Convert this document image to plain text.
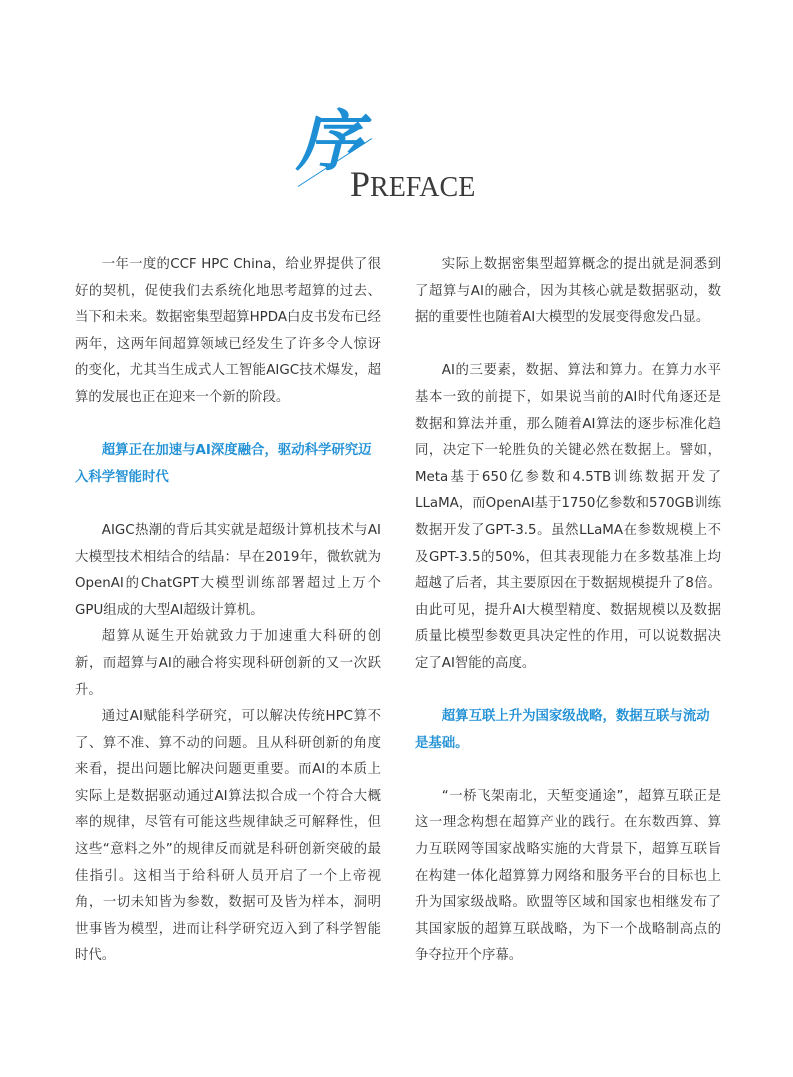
序
PREFACE

一年一度的CCF HPC China，给业界提供了很好的契机，促使我们去系统化地思考超算的过去、当下和未来。数据密集型超算HPDA白皮书发布已经两年，这两年间超算领域已经发生了许多令人惊讶的变化，尤其当生成式人工智能AIGC技术爆发，超算的发展也正在迎来一个新的阶段。

超算正在加速与AI深度融合，驱动科学研究迈入科学智能时代

AIGC热潮的背后其实就是超级计算机技术与AI大模型技术相结合的结晶：早在2019年，微软就为OpenAI的ChatGPT大模型训练部署超过上万个GPU组成的大型AI超级计算机。

超算从诞生开始就致力于加速重大科研的创新，而超算与AI的融合将实现科研创新的又一次跃升。

通过AI赋能科学研究，可以解决传统HPC算不了、算不准、算不动的问题。且从科研创新的角度来看，提出问题比解决问题更重要。而AI的本质上实际上是数据驱动通过AI算法拟合成一个符合大概率的规律，尽管有可能这些规律缺乏可解释性，但这些“意料之外”的规律反而就是科研创新突破的最佳指引。这相当于给科研人员开启了一个上帝视角，一切未知皆为参数，数据可及皆为样本，洞明世事皆为模型，进而让科学研究迈入到了科学智能时代。

实际上数据密集型超算概念的提出就是洞悉到了超算与AI的融合，因为其核心就是数据驱动，数据的重要性也随着AI大模型的发展变得愈发凸显。

AI的三要素，数据、算法和算力。在算力水平基本一致的前提下，如果说当前的AI时代角逐还是数据和算法并重，那么随着AI算法的逐步标准化趋同，决定下一轮胜负的关键必然在数据上。譬如，Meta基于650亿参数和4.5TB训练数据开发了LLaMA，而OpenAI基于1750亿参数和570GB训练数据开发了GPT-3.5。虽然LLaMA在参数规模上不及GPT-3.5的50%，但其表现能力在多数基准上均超越了后者，其主要原因在于数据规模提升了8倍。由此可见，提升AI大模型精度、数据规模以及数据质量比模型参数更具决定性的作用，可以说数据决定了AI智能的高度。

超算互联上升为国家级战略，数据互联与流动是基础。

“一桥飞架南北，天堑变通途”，超算互联正是这一理念构想在超算产业的践行。在东数西算、算力互联网等国家战略实施的大背景下，超算互联旨在构建一体化超算算力网络和服务平台的目标也上升为国家级战略。欧盟等区域和国家也相继发布了其国家版的超算互联战略，为下一个战略制高点的争夺拉开个序幕。
